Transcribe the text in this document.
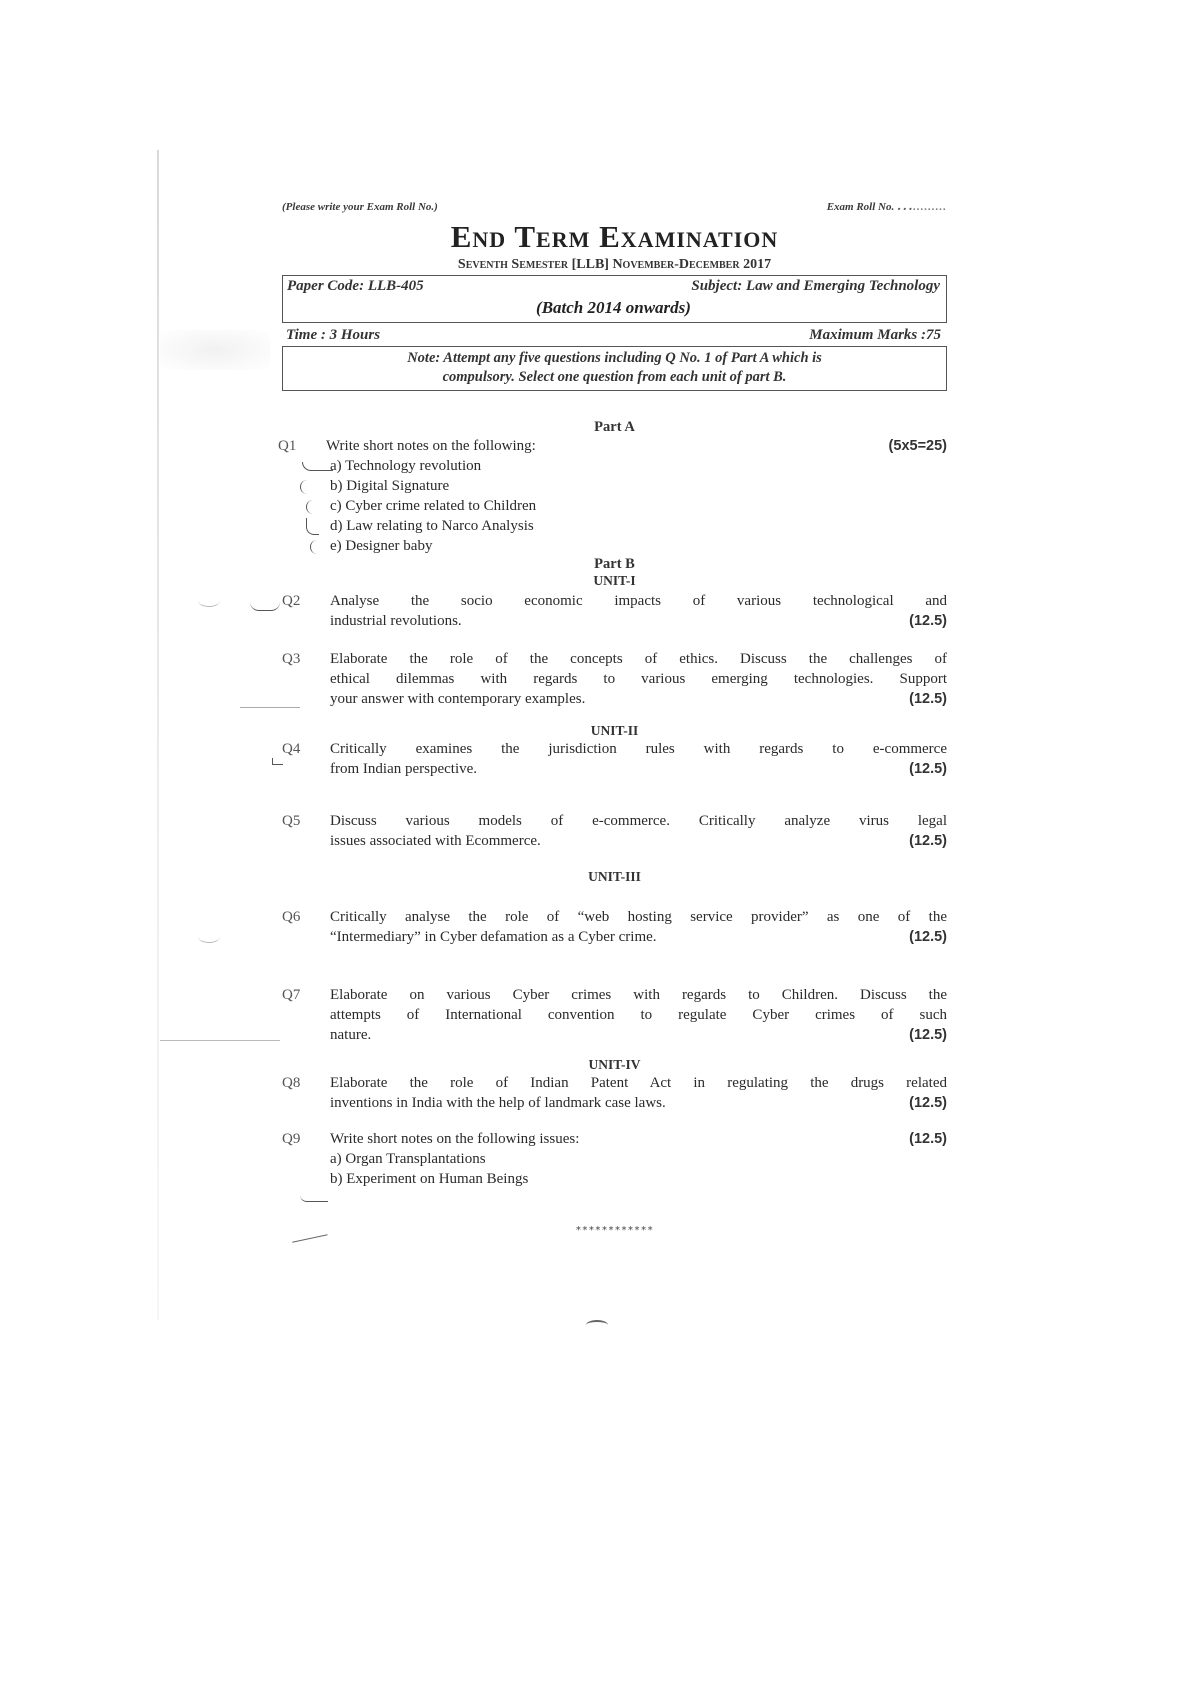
(Please write your Exam Roll No.)	Exam Roll No. … .........
End Term Examination
Seventh Semester [LLB] November-December 2017
Paper Code: LLB-405	Subject: Law and Emerging Technology
(Batch 2014 onwards)
Time : 3 Hours	Maximum Marks :75
Note: Attempt any five questions including Q No. 1 of Part A which is
compulsory. Select one question from each unit of part B.
Part A
Q1	Write short notes on the following:	(5x5=25)
a) Technology revolution
b) Digital Signature
c) Cyber crime related to Children
d) Law relating to Narco Analysis
e) Designer baby
Part B
UNIT-I
Q2	Analyse the socio economic impacts of various technological and
industrial revolutions.	(12.5)
Q3	Elaborate the role of the concepts of ethics. Discuss the challenges of
ethical dilemmas with regards to various emerging technologies. Support
your answer with contemporary examples.	(12.5)
UNIT-II
Q4	Critically examines the jurisdiction rules with regards to e-commerce
from Indian perspective.	(12.5)
Q5	Discuss various models of e-commerce. Critically analyze virus legal
issues associated with Ecommerce.	(12.5)
UNIT-III
Q6	Critically analyse the role of “web hosting service provider” as one of the
“Intermediary” in Cyber defamation as a Cyber crime.	(12.5)
Q7	Elaborate on various Cyber crimes with regards to Children. Discuss the
attempts of International convention to regulate Cyber crimes of such
nature.	(12.5)
UNIT-IV
Q8	Elaborate the role of Indian Patent Act in regulating the drugs related
inventions in India with the help of landmark case laws.	(12.5)
Q9	Write short notes on the following issues:	(12.5)
a) Organ Transplantations
b) Experiment on Human Beings
************
